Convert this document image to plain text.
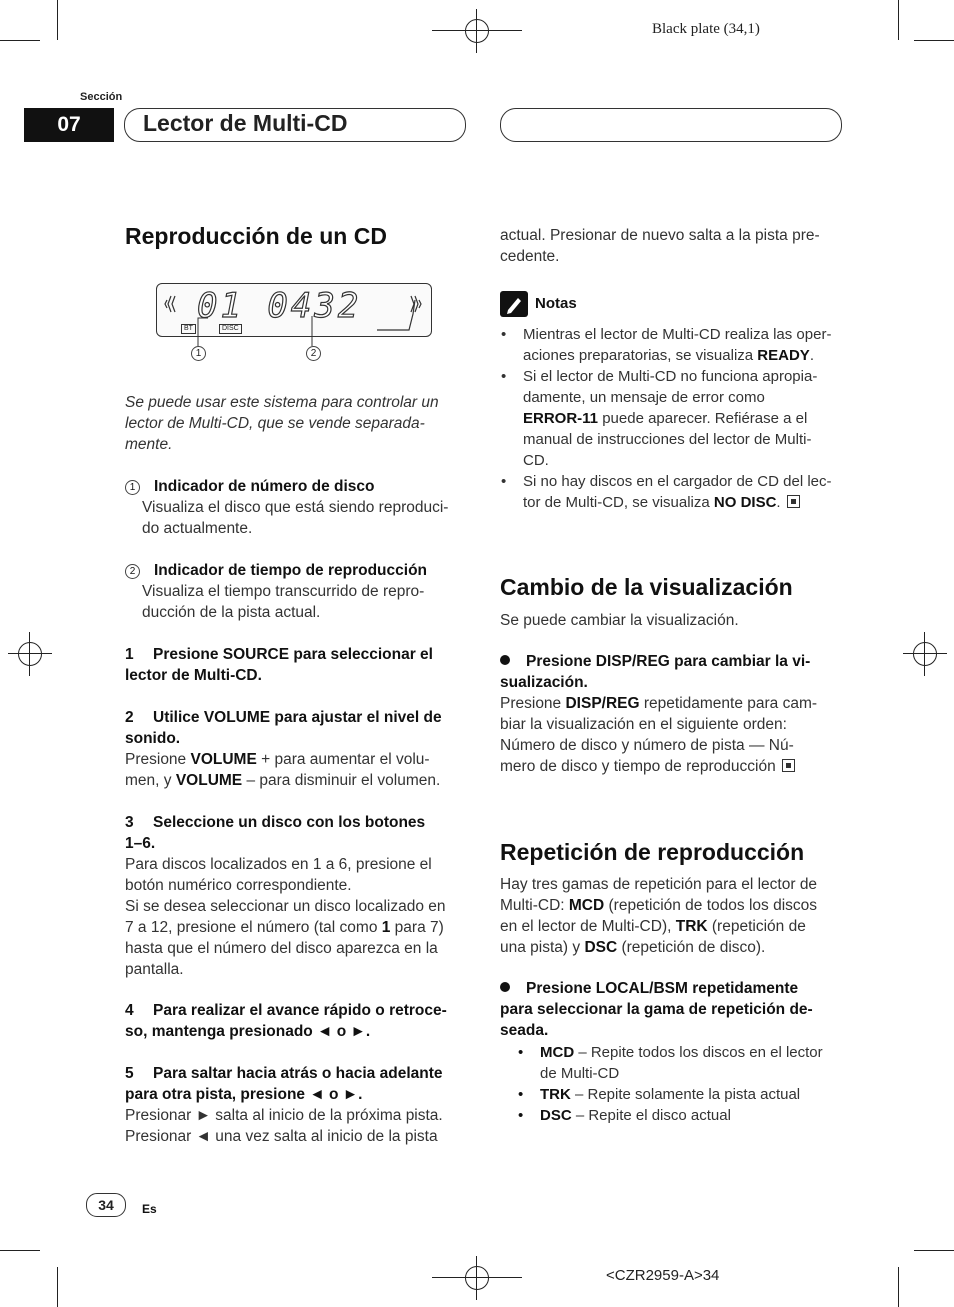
Black plate (34,1)
Sección
07	Lector de Multi-CD
Reproducción de un CD
01 0432
BT	DISC
1	2
Se puede usar este sistema para controlar un
lector de Multi-CD, que se vende separada-
mente.
1 Indicador de número de disco
Visualiza el disco que está siendo reproduci-
do actualmente.
2 Indicador de tiempo de reproducción
Visualiza el tiempo transcurrido de repro-
ducción de la pista actual.
1 Presione SOURCE para seleccionar el
lector de Multi-CD.
2 Utilice VOLUME para ajustar el nivel de
sonido.
Presione VOLUME + para aumentar el volu-
men, y VOLUME – para disminuir el volumen.
3 Seleccione un disco con los botones
1–6.
Para discos localizados en 1 a 6, presione el
botón numérico correspondiente.
Si se desea seleccionar un disco localizado en
7 a 12, presione el número (tal como 1 para 7)
hasta que el número del disco aparezca en la
pantalla.
4 Para realizar el avance rápido o retroce-
so, mantenga presionado ◄ o ►.
5 Para saltar hacia atrás o hacia adelante
para otra pista, presione ◄ o ►.
Presionar ► salta al inicio de la próxima pista.
Presionar ◄ una vez salta al inicio de la pista
actual. Presionar de nuevo salta a la pista pre-
cedente.
Notas
• Mientras el lector de Multi-CD realiza las oper-
aciones preparatorias, se visualiza READY.
• Si el lector de Multi-CD no funciona apropia-
damente, un mensaje de error como
ERROR-11 puede aparecer. Refiérase a el
manual de instrucciones del lector de Multi-
CD.
• Si no hay discos en el cargador de CD del lec-
tor de Multi-CD, se visualiza NO DISC.
Cambio de la visualización
Se puede cambiar la visualización.
Presione DISP/REG para cambiar la vi-
sualización.
Presione DISP/REG repetidamente para cam-
biar la visualización en el siguiente orden:
Número de disco y número de pista — Nú-
mero de disco y tiempo de reproducción
Repetición de reproducción
Hay tres gamas de repetición para el lector de
Multi-CD: MCD (repetición de todos los discos
en el lector de Multi-CD), TRK (repetición de
una pista) y DSC (repetición de disco).
Presione LOCAL/BSM repetidamente
para seleccionar la gama de repetición de-
seada.
• MCD – Repite todos los discos en el lector
de Multi-CD
• TRK – Repite solamente la pista actual
• DSC – Repite el disco actual
34	Es
<CZR2959-A>34
